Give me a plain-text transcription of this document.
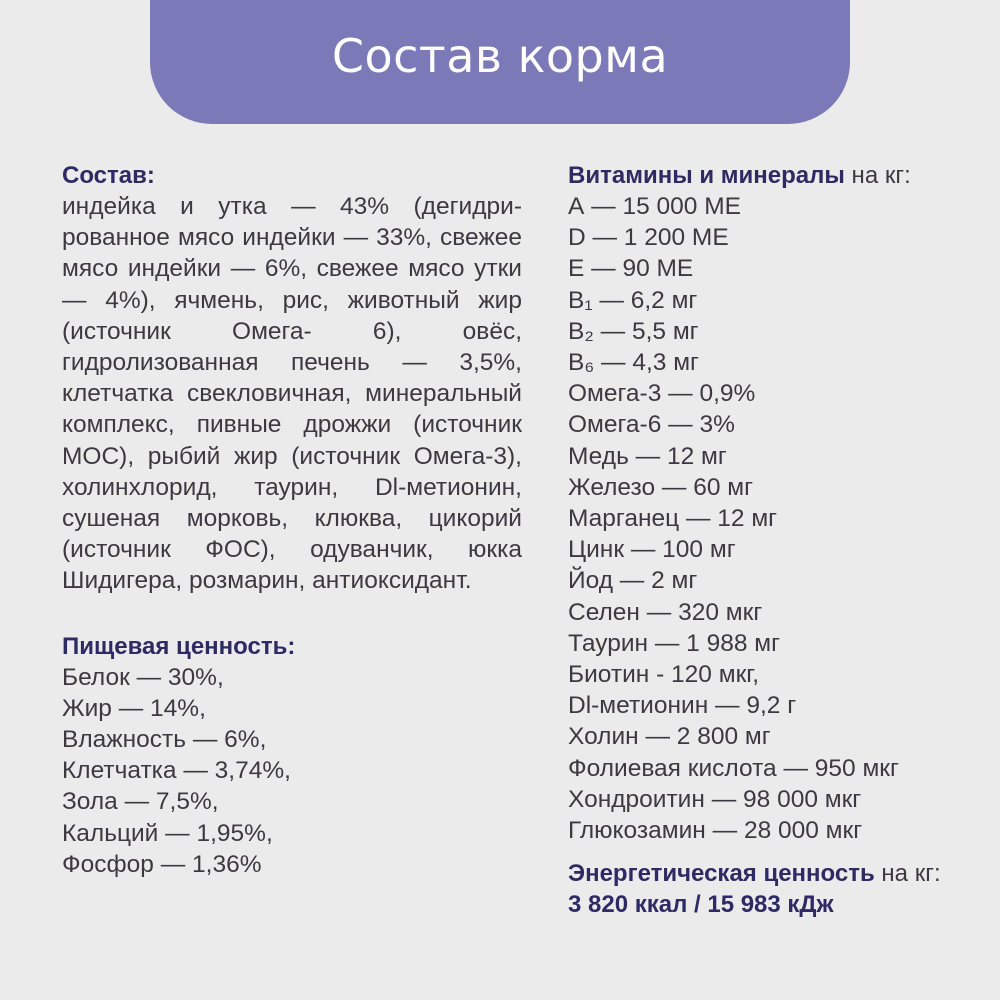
Состав корма
Состав:
индейка и утка — 43% (дегидрированное мясо индейки — 33%, свежее мясо индейки — 6%, свежее мясо утки — 4%), ячмень, рис, животный жир (источник Омега- 6), овёс, гидролизованная печень — 3,5%, клетчатка свекловичная, минеральный комплекс, пивные дрожжи (источник МОС), рыбий жир (источник Омега-3), холинхлорид, таурин, Dl-метионин, сушеная морковь, клюква, цикорий (источник ФОС), одуванчик, юкка Шидигера, розмарин, антиоксидант.
Пищевая ценность:
Белок — 30%,
Жир — 14%,
Влажность — 6%,
Клетчатка — 3,74%,
Зола — 7,5%,
Кальций — 1,95%,
Фосфор — 1,36%
Витамины и минералы на кг:
А — 15 000 МЕ
D — 1 200 МЕ
Е — 90 МЕ
B₁ — 6,2 мг
B₂ — 5,5 мг
B₆ — 4,3 мг
Омега-3 — 0,9%
Омега-6 — 3%
Медь — 12 мг
Железо — 60 мг
Марганец — 12 мг
Цинк — 100 мг
Йод — 2 мг
Селен — 320 мкг
Таурин — 1 988 мг
Биотин - 120 мкг,
Dl-метионин — 9,2 г
Холин — 2 800 мг
Фолиевая кислота — 950 мкг
Хондроитин — 98 000 мкг
Глюкозамин — 28 000 мкг
Энергетическая ценность на кг:
3 820 ккал / 15 983 кДж
